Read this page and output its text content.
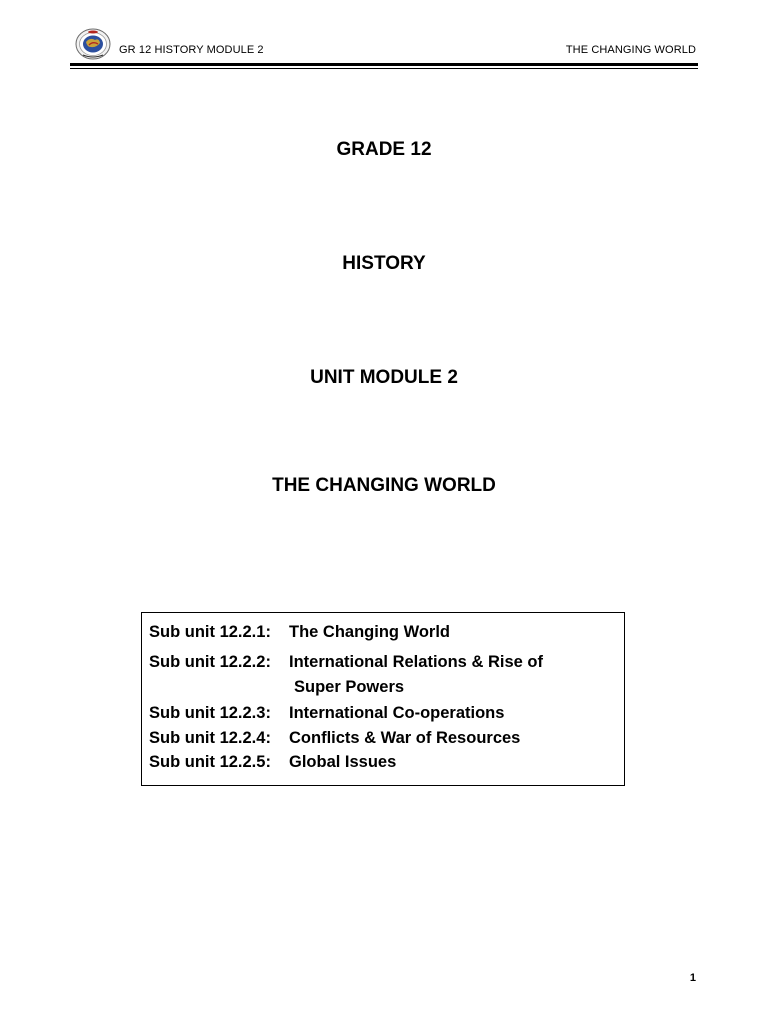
GR 12 HISTORY MODULE 2	THE CHANGING WORLD
GRADE 12
HISTORY
UNIT MODULE 2
THE CHANGING WORLD
Sub unit 12.2.1: The Changing World
Sub unit 12.2.2: International Relations & Rise of
Super Powers
Sub unit 12.2.3: International Co-operations
Sub unit 12.2.4: Conflicts & War of Resources
Sub unit 12.2.5: Global Issues
1
